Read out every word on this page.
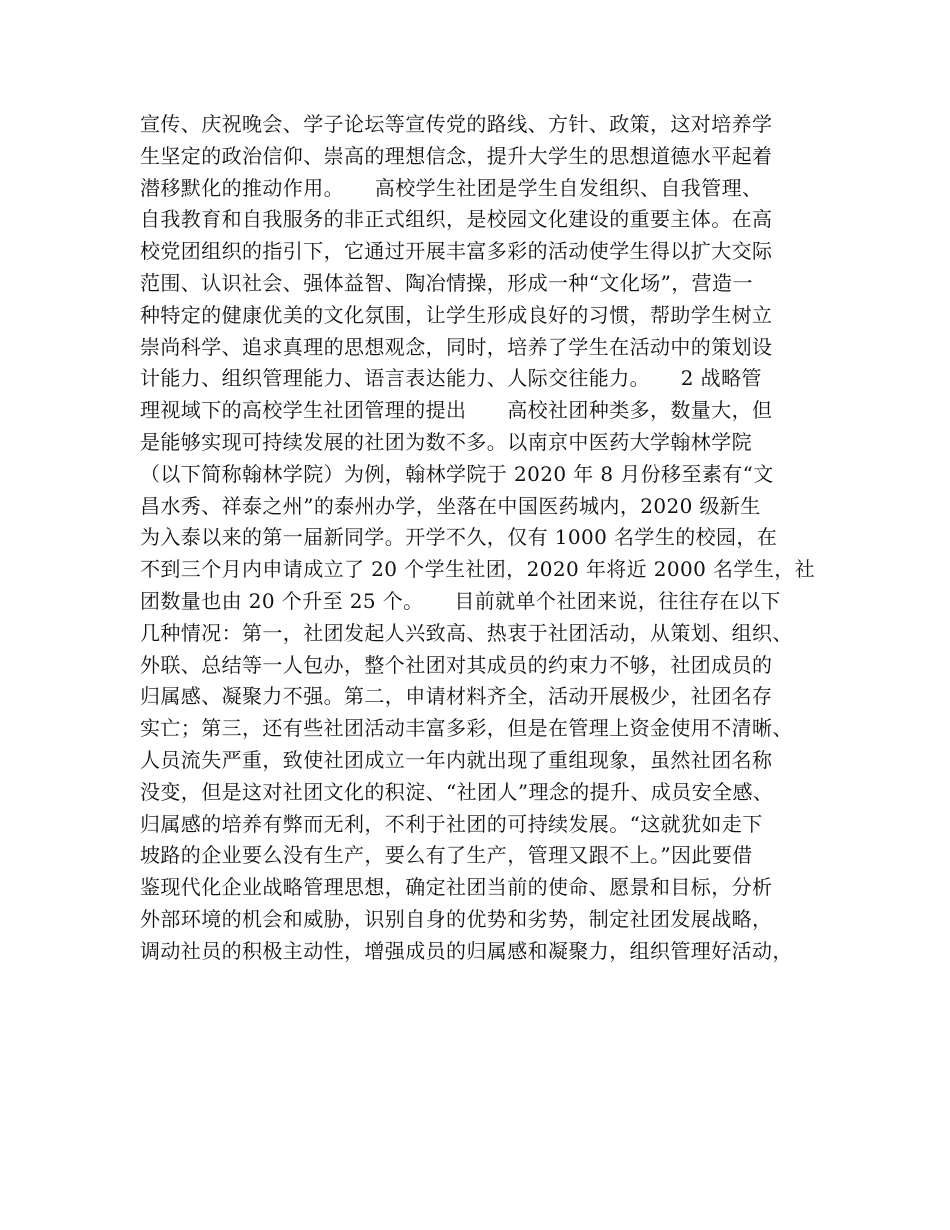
宣传、庆祝晚会、学子论坛等宣传党的路线、方针、政策，这对培养学
生坚定的政治信仰、崇高的理想信念，提升大学生的思想道德水平起着
潜移默化的推动作用。　　高校学生社团是学生自发组织、自我管理、
自我教育和自我服务的非正式组织，是校园文化建设的重要主体。在高
校党团组织的指引下，它通过开展丰富多彩的活动使学生得以扩大交际
范围、认识社会、强体益智、陶冶情操，形成一种“文化场”，营造一
种特定的健康优美的文化氛围，让学生形成良好的习惯，帮助学生树立
崇尚科学、追求真理的思想观念，同时，培养了学生在活动中的策划设
计能力、组织管理能力、语言表达能力、人际交往能力。　　2 战略管
理视域下的高校学生社团管理的提出　　高校社团种类多，数量大，但
是能够实现可持续发展的社团为数不多。以南京中医药大学翰林学院
（以下简称翰林学院）为例，翰林学院于 2020 年 8 月份移至素有“文
昌水秀、祥泰之州”的泰州办学，坐落在中国医药城内，2020 级新生
为入泰以来的第一届新同学。开学不久，仅有 1000 名学生的校园，在
不到三个月内申请成立了 20 个学生社团，2020 年将近 2000 名学生，社
团数量也由 20 个升至 25 个。　　目前就单个社团来说，往往存在以下
几种情况：第一，社团发起人兴致高、热衷于社团活动，从策划、组织、
外联、总结等一人包办，整个社团对其成员的约束力不够，社团成员的
归属感、凝聚力不强。第二，申请材料齐全，活动开展极少，社团名存
实亡；第三，还有些社团活动丰富多彩，但是在管理上资金使用不清晰、
人员流失严重，致使社团成立一年内就出现了重组现象，虽然社团名称
没变，但是这对社团文化的积淀、“社团人”理念的提升、成员安全感、
归属感的培养有弊而无利，不利于社团的可持续发展。“这就犹如走下
坡路的企业要么没有生产，要么有了生产，管理又跟不上。”因此要借
鉴现代化企业战略管理思想，确定社团当前的使命、愿景和目标，分析
外部环境的机会和威胁，识别自身的优势和劣势，制定社团发展战略，
调动社员的积极主动性，增强成员的归属感和凝聚力，组织管理好活动，
